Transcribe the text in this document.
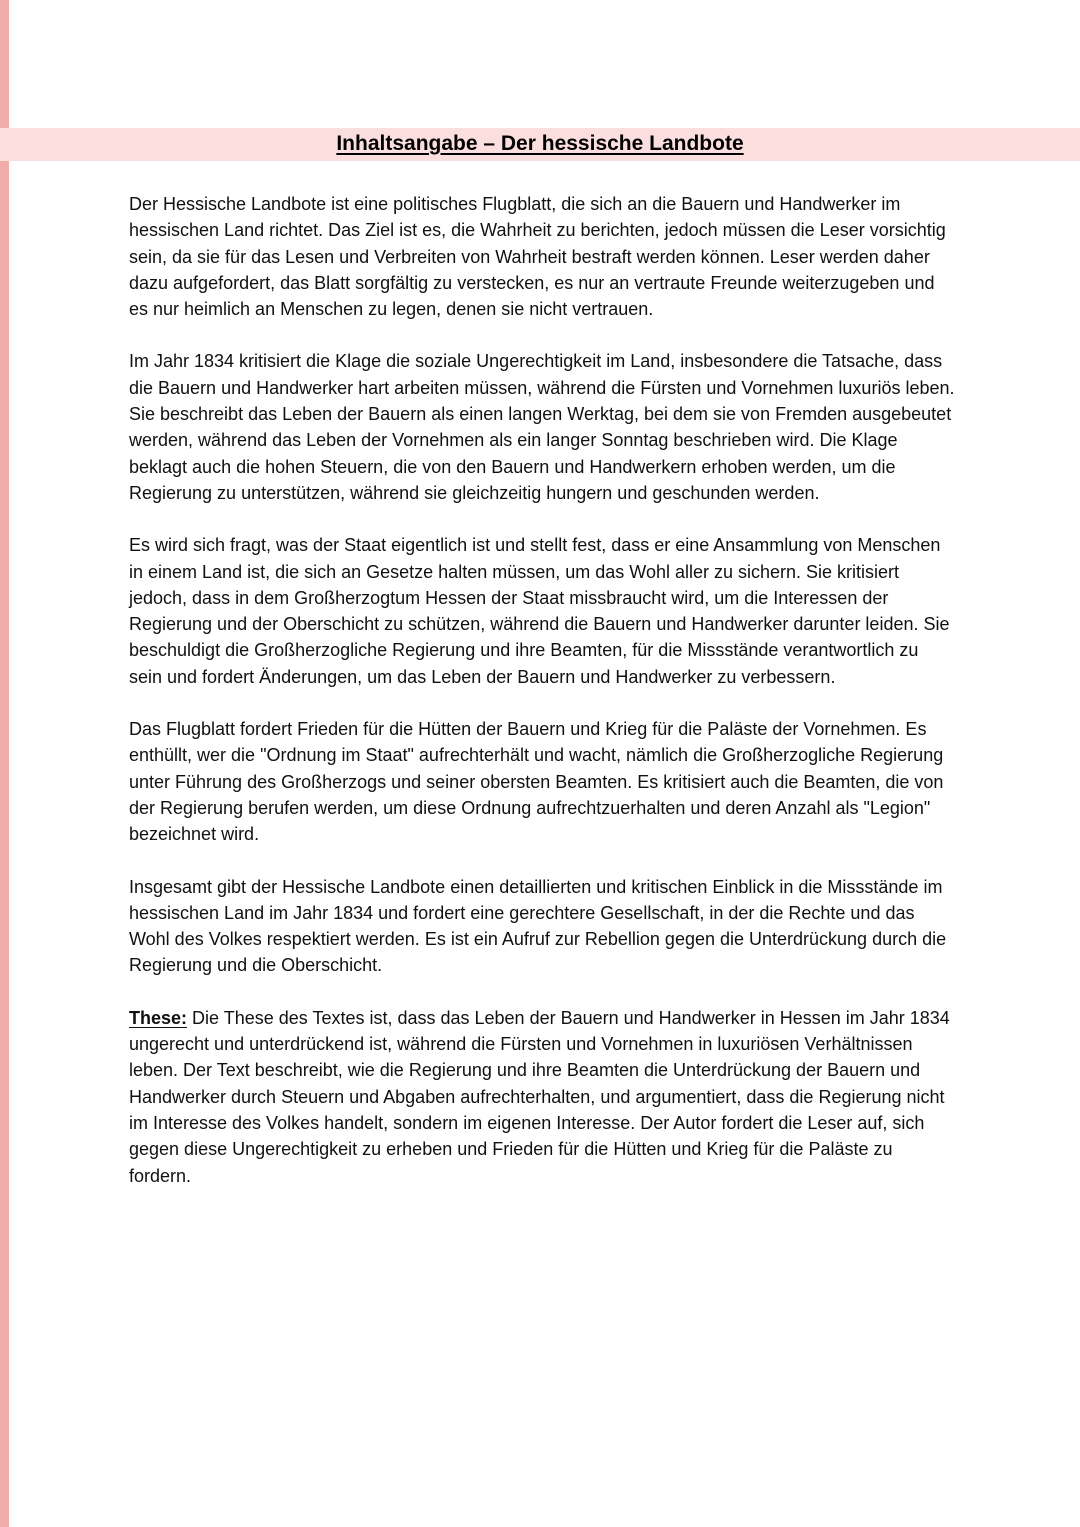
Inhaltsangabe – Der hessische Landbote

Der Hessische Landbote ist eine politisches Flugblatt, die sich an die Bauern und Handwerker im hessischen Land richtet. Das Ziel ist es, die Wahrheit zu berichten, jedoch müssen die Leser vorsichtig sein, da sie für das Lesen und Verbreiten von Wahrheit bestraft werden können. Leser werden daher dazu aufgefordert, das Blatt sorgfältig zu verstecken, es nur an vertraute Freunde weiterzugeben und es nur heimlich an Menschen zu legen, denen sie nicht vertrauen.

Im Jahr 1834 kritisiert die Klage die soziale Ungerechtigkeit im Land, insbesondere die Tatsache, dass die Bauern und Handwerker hart arbeiten müssen, während die Fürsten und Vornehmen luxuriös leben. Sie beschreibt das Leben der Bauern als einen langen Werktag, bei dem sie von Fremden ausgebeutet werden, während das Leben der Vornehmen als ein langer Sonntag beschrieben wird. Die Klage beklagt auch die hohen Steuern, die von den Bauern und Handwerkern erhoben werden, um die Regierung zu unterstützen, während sie gleichzeitig hungern und geschunden werden.

Es wird sich fragt, was der Staat eigentlich ist und stellt fest, dass er eine Ansammlung von Menschen in einem Land ist, die sich an Gesetze halten müssen, um das Wohl aller zu sichern. Sie kritisiert jedoch, dass in dem Großherzogtum Hessen der Staat missbraucht wird, um die Interessen der Regierung und der Oberschicht zu schützen, während die Bauern und Handwerker darunter leiden. Sie beschuldigt die Großherzogliche Regierung und ihre Beamten, für die Missstände verantwortlich zu sein und fordert Änderungen, um das Leben der Bauern und Handwerker zu verbessern.

Das Flugblatt fordert Frieden für die Hütten der Bauern und Krieg für die Paläste der Vornehmen. Es enthüllt, wer die "Ordnung im Staat" aufrechterhält und wacht, nämlich die Großherzogliche Regierung unter Führung des Großherzogs und seiner obersten Beamten. Es kritisiert auch die Beamten, die von der Regierung berufen werden, um diese Ordnung aufrechtzuerhalten und deren Anzahl als "Legion" bezeichnet wird.

Insgesamt gibt der Hessische Landbote einen detaillierten und kritischen Einblick in die Missstände im hessischen Land im Jahr 1834 und fordert eine gerechtere Gesellschaft, in der die Rechte und das Wohl des Volkes respektiert werden. Es ist ein Aufruf zur Rebellion gegen die Unterdrückung durch die Regierung und die Oberschicht.

These: Die These des Textes ist, dass das Leben der Bauern und Handwerker in Hessen im Jahr 1834 ungerecht und unterdrückend ist, während die Fürsten und Vornehmen in luxuriösen Verhältnissen leben. Der Text beschreibt, wie die Regierung und ihre Beamten die Unterdrückung der Bauern und Handwerker durch Steuern und Abgaben aufrechterhalten, und argumentiert, dass die Regierung nicht im Interesse des Volkes handelt, sondern im eigenen Interesse. Der Autor fordert die Leser auf, sich gegen diese Ungerechtigkeit zu erheben und Frieden für die Hütten und Krieg für die Paläste zu fordern.
